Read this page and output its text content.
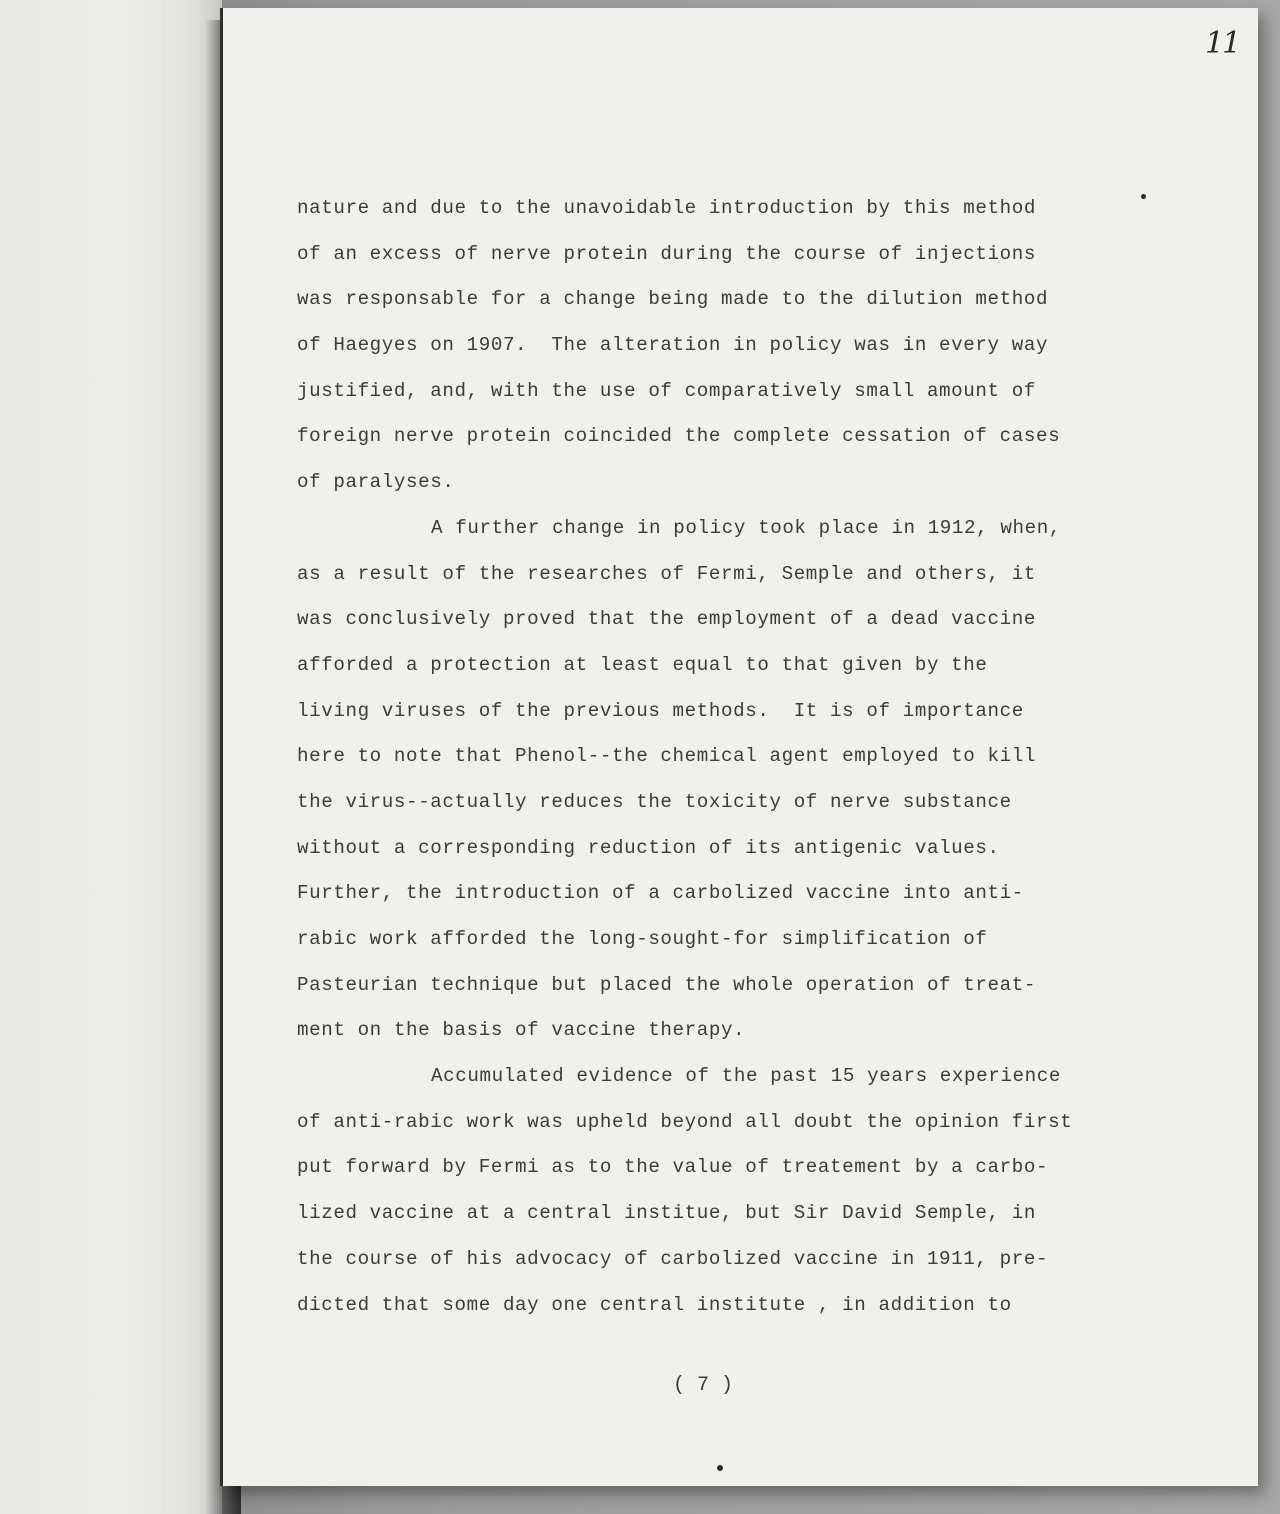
11
nature and due to the unavoidable introduction by this method
of an excess of nerve protein during the course of injections
was responsable for a change being made to the dilution method
of Haegyes on 1907.  The alteration in policy was in every way
justified, and, with the use of comparatively small amount of
foreign nerve protein coincided the complete cessation of cases
of paralyses.
A further change in policy took place in 1912, when,
as a result of the researches of Fermi, Semple and others, it
was conclusively proved that the employment of a dead vaccine
afforded a protection at least equal to that given by the
living viruses of the previous methods.  It is of importance
here to note that Phenol--the chemical agent employed to kill
the virus--actually reduces the toxicity of nerve substance
without a corresponding reduction of its antigenic values.
Further, the introduction of a carbolized vaccine into anti-
rabic work afforded the long-sought-for simplification of
Pasteurian technique but placed the whole operation of treat-
ment on the basis of vaccine therapy.
Accumulated evidence of the past 15 years experience
of anti-rabic work was upheld beyond all doubt the opinion first
put forward by Fermi as to the value of treatement by a carbo-
lized vaccine at a central institue, but Sir David Semple, in
the course of his advocacy of carbolized vaccine in 1911, pre-
dicted that some day one central institute , in addition to
( 7 )
